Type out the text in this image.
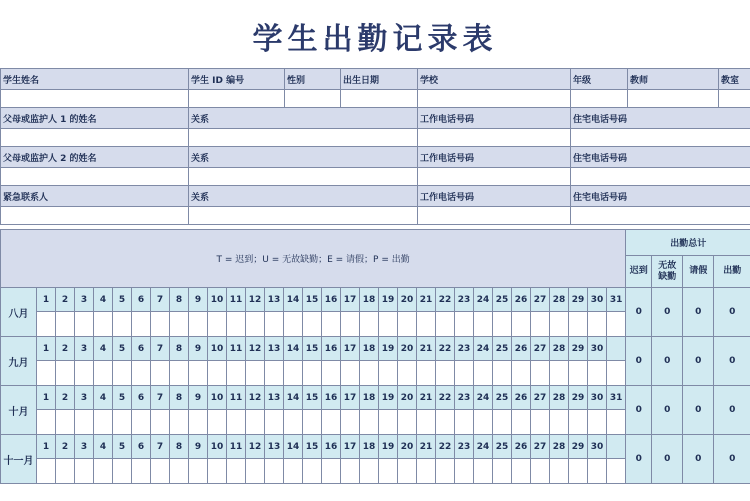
学生出勤记录表
学生姓名	学生 ID 编号	性别	出生日期	学校	年级	教师	教室

父母或监护人 1 的姓名	关系			工作电话号码	住宅电话号码		

父母或监护人 2 的姓名	关系			工作电话号码	住宅电话号码		

紧急联系人	关系			工作电话号码	住宅电话号码		

T = 迟到；U = 无故缺勤；E = 请假；P = 出勤																																出勤总计			
																																迟到	无故缺勤	请假	出勤
八月	1	2	3	4	5	6	7	8	9	10	11	12	13	14	15	16	17	18	19	20	21	22	23	24	25	26	27	28	29	30	31	0	0	0	0

九月	1	2	3	4	5	6	7	8	9	10	11	12	13	14	15	16	17	18	19	20	21	22	23	24	25	26	27	28	29	30		0	0	0	0

十月	1	2	3	4	5	6	7	8	9	10	11	12	13	14	15	16	17	18	19	20	21	22	23	24	25	26	27	28	29	30	31	0	0	0	0

十一月	1	2	3	4	5	6	7	8	9	10	11	12	13	14	15	16	17	18	19	20	21	22	23	24	25	26	27	28	29	30		0	0	0	0
